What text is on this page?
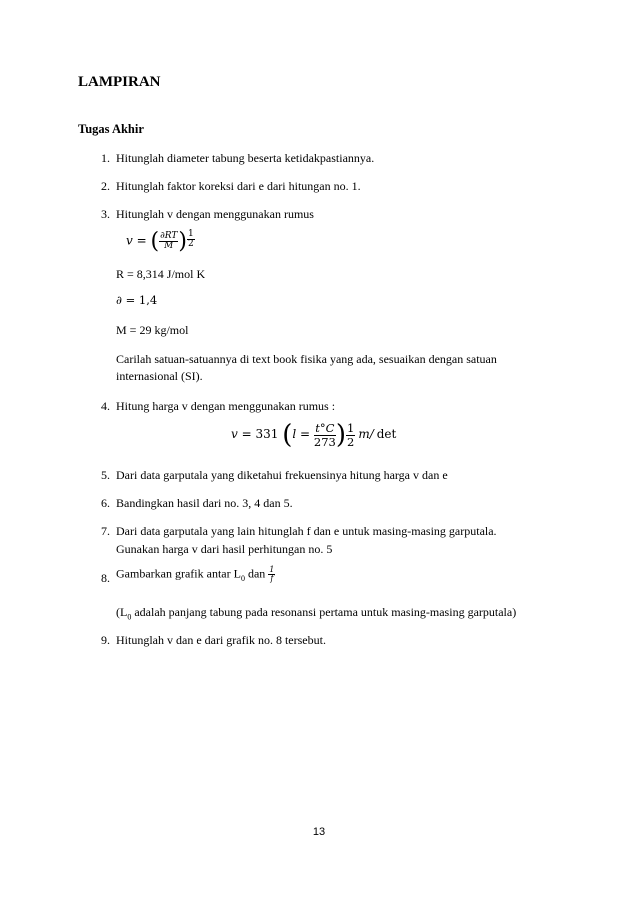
LAMPIRAN
Tugas Akhir
1. Hitunglah diameter tabung beserta ketidakpastiannya.
2. Hitunglah faktor koreksi dari e dari hitungan no. 1.
3. Hitunglah v dengan menggunakan rumus
v = ( $\frac{\partial RT}{M}$ ) $\frac{1}{2}$
R = 8,314 J/mol K
∂ = 1,4
M = 29 kg/mol
Carilah satuan-satuannya di text book fisika yang ada, sesuaikan dengan satuan
internasional (SI).
4. Hitung harga v dengan menggunakan rumus :
v = 331 ($l = \frac{t^\circ C}{273}$ ) $\frac{1}{2} m/$ det
5. Dari data garputala yang diketahui frekuensinya hitung harga v dan e
6. Bandingkan hasil dari no. 3, 4 dan 5.
7. Dari data garputala yang lain hitunglah f dan e untuk masing-masing garputala.
Gunakan harga v dari hasil perhitungan no. 5
8. Gambarkan grafik antar $L_0$ dan $\frac{1}{f}$
($L_0$ adalah panjang tabung pada resonansi pertama untuk masing-masing garputala)
9. Hitunglah v dan e dari grafik no. 8 tersebut.
13
